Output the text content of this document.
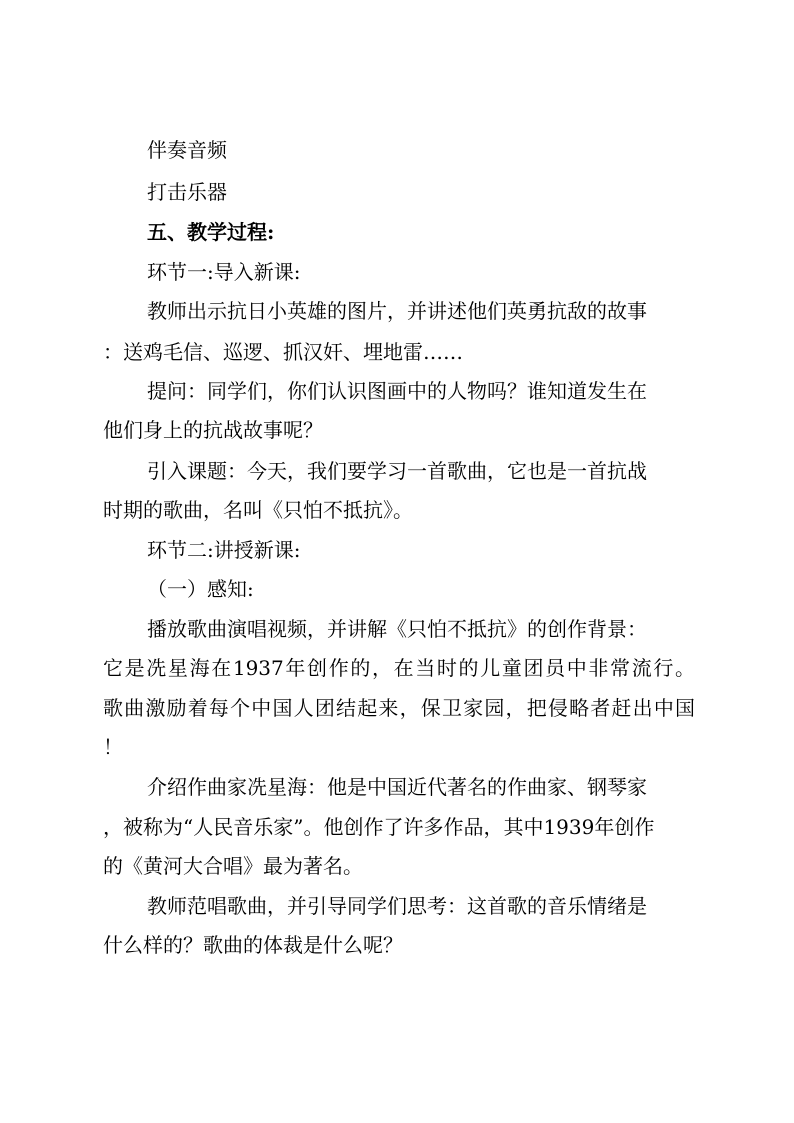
伴奏音频
打击乐器
五、教学过程:
环节一:导入新课:
教师出示抗日小英雄的图片，并讲述他们英勇抗敌的故事
：送鸡毛信、巡逻、抓汉奸、埋地雷……
提问：同学们，你们认识图画中的人物吗？谁知道发生在
他们身上的抗战故事呢？
引入课题：今天，我们要学习一首歌曲，它也是一首抗战
时期的歌曲，名叫《只怕不抵抗》。
环节二:讲授新课:
（一）感知:
播放歌曲演唱视频，并讲解《只怕不抵抗》的创作背景：
它是冼星海在1937年创作的，在当时的儿童团员中非常流行。
歌曲激励着每个中国人团结起来，保卫家园，把侵略者赶出中国
！
介绍作曲家冼星海：他是中国近代著名的作曲家、钢琴家
，被称为“人民音乐家”。他创作了许多作品，其中1939年创作
的《黄河大合唱》最为著名。
教师范唱歌曲，并引导同学们思考：这首歌的音乐情绪是
什么样的？歌曲的体裁是什么呢？
